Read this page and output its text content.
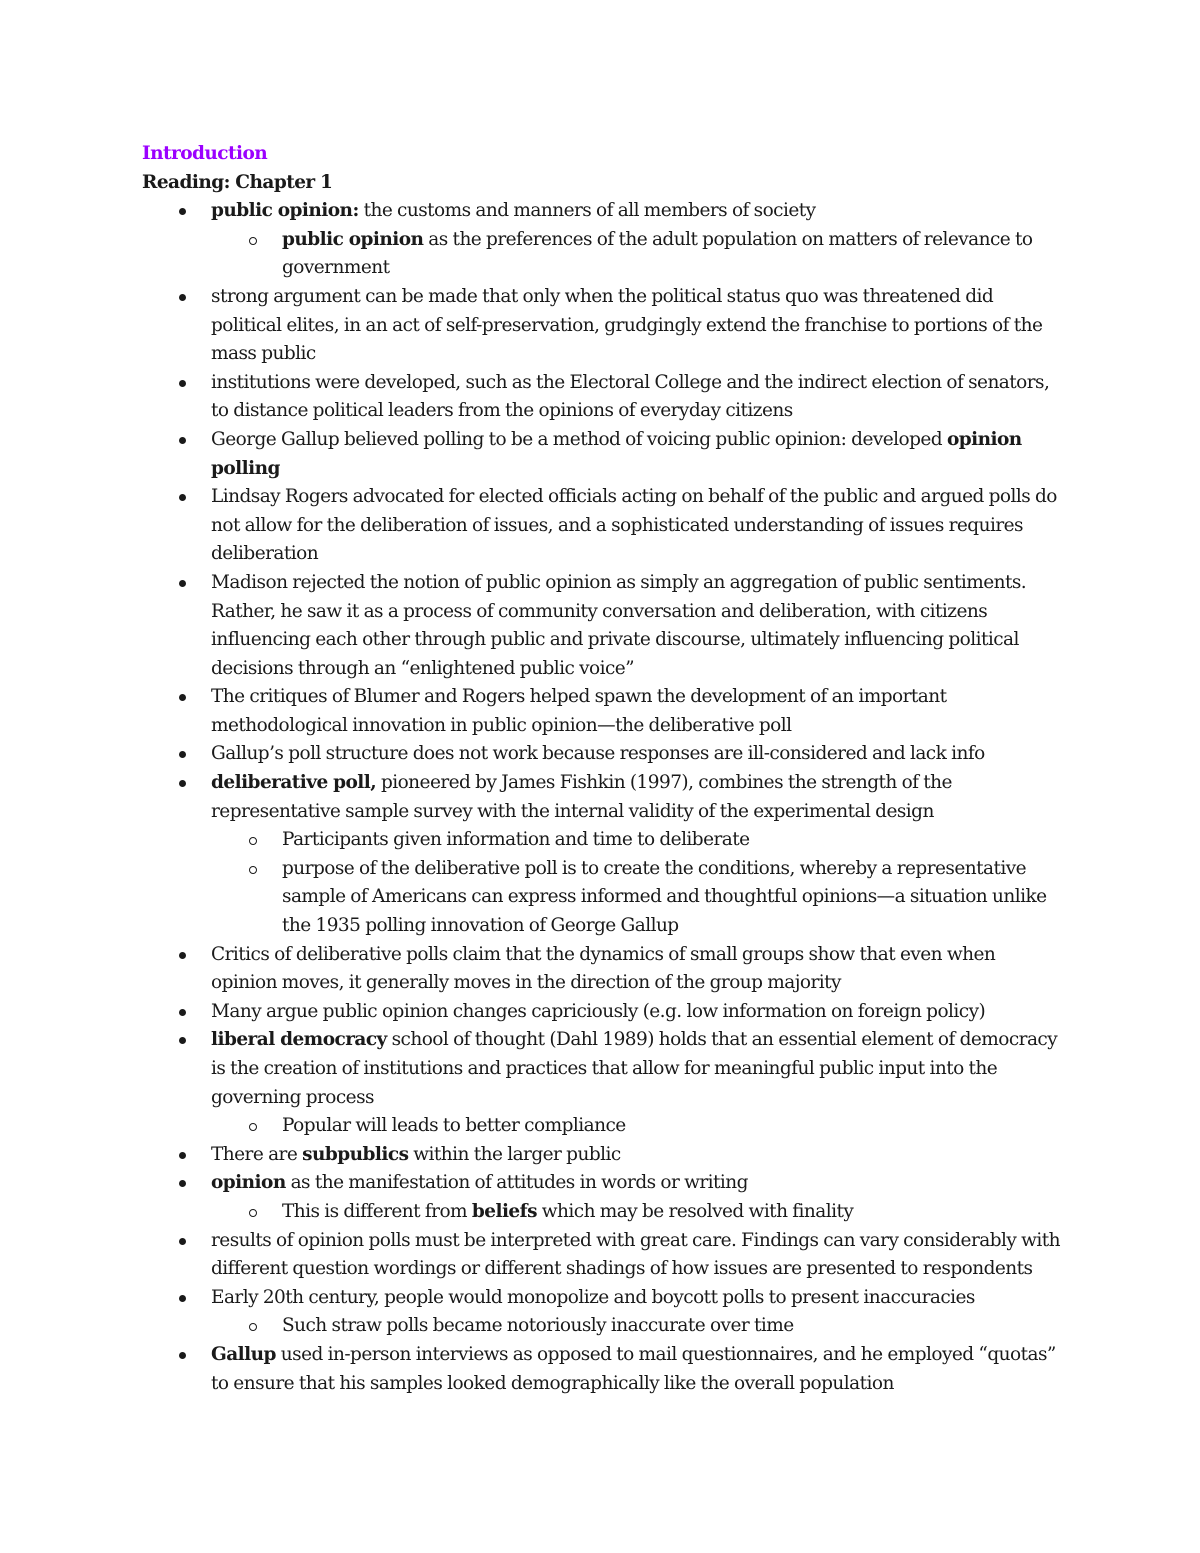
Introduction
Reading: Chapter 1
public opinion: the customs and manners of all members of society
public opinion as the preferences of the adult population on matters of relevance to government
strong argument can be made that only when the political status quo was threatened did political elites, in an act of self-preservation, grudgingly extend the franchise to portions of the mass public
institutions were developed, such as the Electoral College and the indirect election of senators, to distance political leaders from the opinions of everyday citizens
George Gallup believed polling to be a method of voicing public opinion: developed opinion polling
Lindsay Rogers advocated for elected officials acting on behalf of the public and argued polls do not allow for the deliberation of issues, and a sophisticated understanding of issues requires deliberation
Madison rejected the notion of public opinion as simply an aggregation of public sentiments. Rather, he saw it as a process of community conversation and deliberation, with citizens influencing each other through public and private discourse, ultimately influencing political decisions through an “enlightened public voice”
The critiques of Blumer and Rogers helped spawn the development of an important methodological innovation in public opinion—the deliberative poll
Gallup’s poll structure does not work because responses are ill-considered and lack info
deliberative poll, pioneered by James Fishkin (1997), combines the strength of the representative sample survey with the internal validity of the experimental design
Participants given information and time to deliberate
purpose of the deliberative poll is to create the conditions, whereby a representative sample of Americans can express informed and thoughtful opinions—a situation unlike the 1935 polling innovation of George Gallup
Critics of deliberative polls claim that the dynamics of small groups show that even when opinion moves, it generally moves in the direction of the group majority
Many argue public opinion changes capriciously (e.g. low information on foreign policy)
liberal democracy school of thought (Dahl 1989) holds that an essential element of democracy is the creation of institutions and practices that allow for meaningful public input into the governing process
Popular will leads to better compliance
There are subpublics within the larger public
opinion as the manifestation of attitudes in words or writing
This is different from beliefs which may be resolved with finality
results of opinion polls must be interpreted with great care. Findings can vary considerably with different question wordings or different shadings of how issues are presented to respondents
Early 20th century, people would monopolize and boycott polls to present inaccuracies
Such straw polls became notoriously inaccurate over time
Gallup used in-person interviews as opposed to mail questionnaires, and he employed “quotas” to ensure that his samples looked demographically like the overall population
